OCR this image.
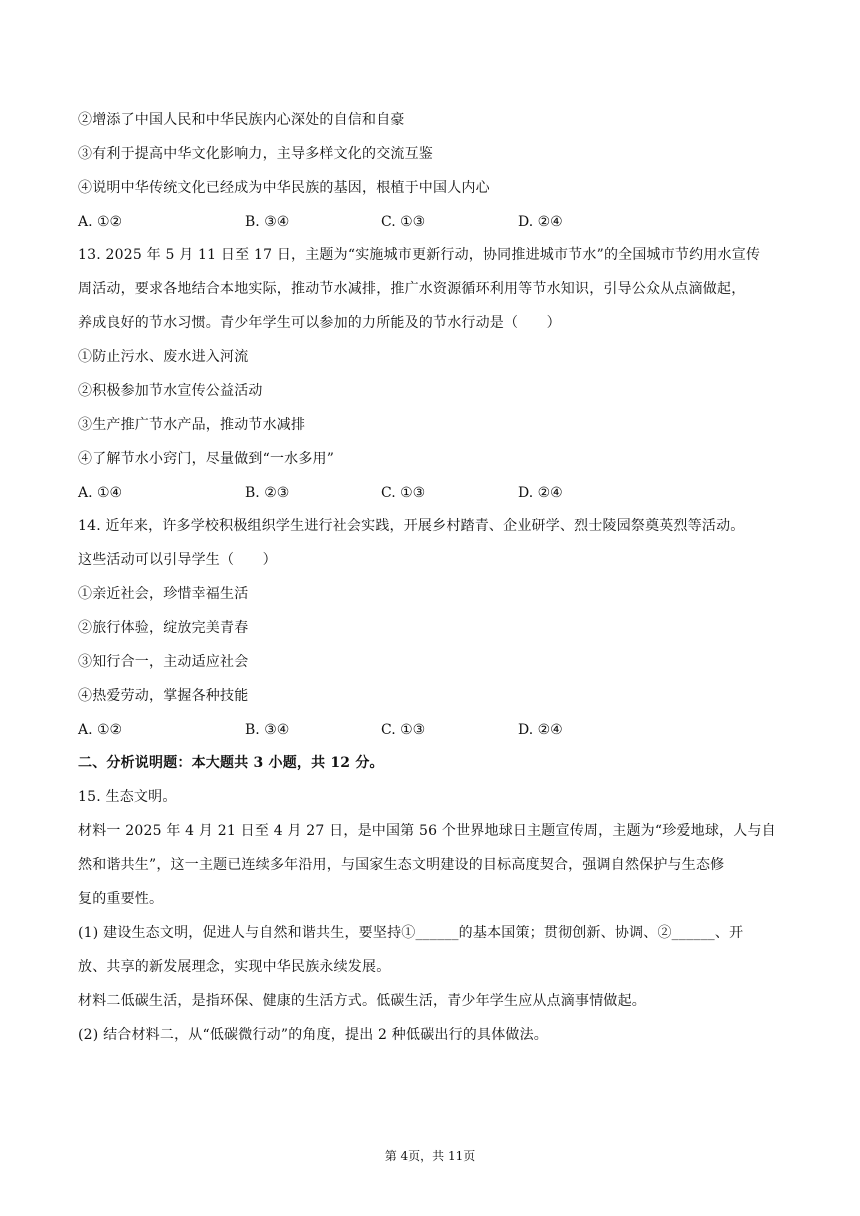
②增添了中国人民和中华民族内心深处的自信和自豪
③有利于提高中华文化影响力，主导多样文化的交流互鉴
④说明中华传统文化已经成为中华民族的基因，根植于中国人内心
A. ①②	B. ③④	C. ①③	D. ②④
13. 2025 年 5 月 11 日至 17 日，主题为“实施城市更新行动，协同推进城市节水”的全国城市节约用水宣传
周活动，要求各地结合本地实际，推动节水减排，推广水资源循环利用等节水知识，引导公众从点滴做起，
养成良好的节水习惯。青少年学生可以参加的力所能及的节水行动是（　　）
①防止污水、废水进入河流
②积极参加节水宣传公益活动
③生产推广节水产品，推动节水减排
④了解节水小窍门，尽量做到“一水多用”
A. ①④	B. ②③	C. ①③	D. ②④
14. 近年来，许多学校积极组织学生进行社会实践，开展乡村踏青、企业研学、烈士陵园祭奠英烈等活动。
这些活动可以引导学生（　　）
①亲近社会，珍惜幸福生活
②旅行体验，绽放完美青春
③知行合一，主动适应社会
④热爱劳动，掌握各种技能
A. ①②	B. ③④	C. ①③	D. ②④
二、分析说明题：本大题共 3 小题，共 12 分。
15. 生态文明。
材料一 2025 年 4 月 21 日至 4 月 27 日，是中国第 56 个世界地球日主题宣传周，主题为“珍爱地球，人与自
然和谐共生”，这一主题已连续多年沿用，与国家生态文明建设的目标高度契合，强调自然保护与生态修
复的重要性。
(1) 建设生态文明，促进人与自然和谐共生，要坚持①______的基本国策；贯彻创新、协调、②______、开
放、共享的新发展理念，实现中华民族永续发展。
材料二低碳生活，是指环保、健康的生活方式。低碳生活，青少年学生应从点滴事情做起。
(2) 结合材料二，从“低碳微行动”的角度，提出 2 种低碳出行的具体做法。
第 4页，共 11页
